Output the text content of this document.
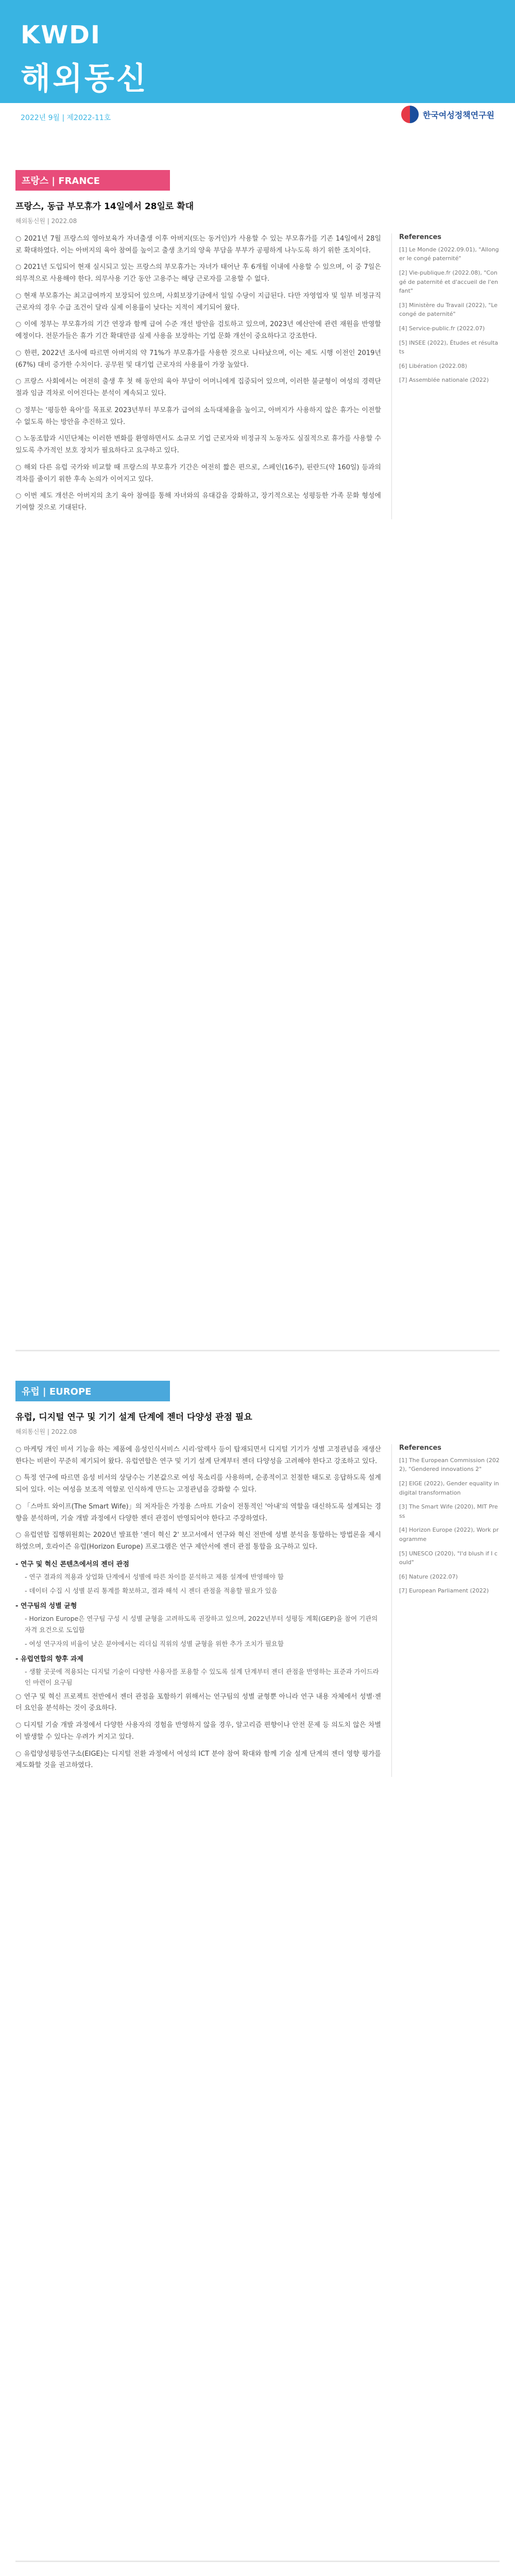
KWDI
해외동신
2022년 9월 | 제2022-11호	한국여성정책연구원
프랑스 | FRANCE
프랑스, 동급 부모휴가 14일에서 28일로 확대
해외동신원 | 2022.08

○ 2021년 7월 프랑스의 영아보육가 자녀출생 이후 아버지(또는 동거인)가 사용할 수 있는 부모휴가를 기존 14일에서 28일로 확대하였다. 이는 아버지의 육아 참여를 높이고 출생 초기의 양육 부담을 부부가 공평하게 나누도록 하기 위한 조치이다.

○ 2021년 도입되어 현재 실시되고 있는 프랑스의 부모휴가는 자녀가 태어난 후 6개월 이내에 사용할 수 있으며, 이 중 7일은 의무적으로 사용해야 한다. 의무사용 기간 동안 고용주는 해당 근로자를 고용할 수 없다.

○ 현재 부모휴가는 최고급여까지 보장되어 있으며, 사회보장기금에서 일일 수당이 지급된다. 다만 자영업자 및 일부 비정규직 근로자의 경우 수급 조건이 달라 실제 이용률이 낮다는 지적이 제기되어 왔다.

○ 이에 정부는 부모휴가의 기간 연장과 함께 급여 수준 개선 방안을 검토하고 있으며, 2023년 예산안에 관련 재원을 반영할 예정이다. 전문가들은 휴가 기간 확대만큼 실제 사용을 보장하는 기업 문화 개선이 중요하다고 강조한다.

○ 한편, 2022년 조사에 따르면 아버지의 약 71%가 부모휴가를 사용한 것으로 나타났으며, 이는 제도 시행 이전인 2019년(67%) 대비 증가한 수치이다. 공무원 및 대기업 근로자의 사용률이 가장 높았다.

○ 프랑스 사회에서는 여전히 출생 후 첫 해 동안의 육아 부담이 어머니에게 집중되어 있으며, 이러한 불균형이 여성의 경력단절과 임금 격차로 이어진다는 분석이 계속되고 있다.

○ 정부는 '평등한 육아'를 목표로 2023년부터 부모휴가 급여의 소득대체율을 높이고, 아버지가 사용하지 않은 휴가는 이전할 수 없도록 하는 방안을 추진하고 있다.

○ 노동조합과 시민단체는 이러한 변화를 환영하면서도 소규모 기업 근로자와 비정규직 노동자도 실질적으로 휴가를 사용할 수 있도록 추가적인 보호 장치가 필요하다고 요구하고 있다.

○ 해외 다른 유럽 국가와 비교할 때 프랑스의 부모휴가 기간은 여전히 짧은 편으로, 스페인(16주), 핀란드(약 160일) 등과의 격차를 줄이기 위한 후속 논의가 이어지고 있다.

○ 이번 제도 개선은 아버지의 초기 육아 참여를 통해 자녀와의 유대감을 강화하고, 장기적으로는 성평등한 가족 문화 형성에 기여할 것으로 기대된다.

References
[1] Le Monde (2022.09.01), "Allonger le congé paternité"
[2] Vie-publique.fr (2022.08), "Congé de paternité et d'accueil de l'enfant"
[3] Ministère du Travail (2022), "Le congé de paternité"
[4] Service-public.fr (2022.07)
[5] INSEE (2022), Études et résultats
[6] Libération (2022.08)
[7] Assemblée nationale (2022)
유럽 | EUROPE
유럽, 디지털 연구 및 기기 설계 단계에 젠더 다양성 관점 필요
해외통신원 | 2022.08

○ 마케팅 개인 비서 기능을 하는 제품에 음성인식서비스 시리·알렉사 등이 탑재되면서 디지털 기기가 성별 고정관념을 재생산한다는 비판이 꾸준히 제기되어 왔다. 유럽연합은 연구 및 기기 설계 단계부터 젠더 다양성을 고려해야 한다고 강조하고 있다.

○ 특정 연구에 따르면 음성 비서의 상당수는 기본값으로 여성 목소리를 사용하며, 순종적이고 친절한 태도로 응답하도록 설계되어 있다. 이는 여성을 보조적 역할로 인식하게 만드는 고정관념을 강화할 수 있다.

○ 「스마트 와이프(The Smart Wife)」의 저자들은 가정용 스마트 기술이 전통적인 '아내'의 역할을 대신하도록 설계되는 경향을 분석하며, 기술 개발 과정에서 다양한 젠더 관점이 반영되어야 한다고 주장하였다.

○ 유럽연합 집행위원회는 2020년 발표한 '젠더 혁신 2' 보고서에서 연구와 혁신 전반에 성별 분석을 통합하는 방법론을 제시하였으며, 호라이즌 유럽(Horizon Europe) 프로그램은 연구 제안서에 젠더 관점 통합을 요구하고 있다.

- 연구 및 혁신 콘텐츠에서의 젠더 관점
- 연구 결과의 적용과 상업화 단계에서 성별에 따른 차이를 분석하고 제품 설계에 반영해야 함
- 데이터 수집 시 성별 분리 통계를 확보하고, 결과 해석 시 젠더 관점을 적용할 필요가 있음
- 연구팀의 성별 균형
- Horizon Europe은 연구팀 구성 시 성별 균형을 고려하도록 권장하고 있으며, 2022년부터 성평등 계획(GEP)을 참여 기관의 자격 요건으로 도입함
- 여성 연구자의 비율이 낮은 분야에서는 리더십 직위의 성별 균형을 위한 추가 조치가 필요함
- 유럽연합의 향후 과제
- 생활 곳곳에 적용되는 디지털 기술이 다양한 사용자를 포용할 수 있도록 설계 단계부터 젠더 관점을 반영하는 표준과 가이드라인 마련이 요구됨

○ 연구 및 혁신 프로젝트 전반에서 젠더 관점을 포함하기 위해서는 연구팀의 성별 균형뿐 아니라 연구 내용 자체에서 성별·젠더 요인을 분석하는 것이 중요하다.

○ 디지털 기술 개발 과정에서 다양한 사용자의 경험을 반영하지 않을 경우, 알고리즘 편향이나 안전 문제 등 의도치 않은 차별이 발생할 수 있다는 우려가 커지고 있다.

○ 유럽양성평등연구소(EIGE)는 디지털 전환 과정에서 여성의 ICT 분야 참여 확대와 함께 기술 설계 단계의 젠더 영향 평가를 제도화할 것을 권고하였다.

References
[1] The European Commission (2022), "Gendered innovations 2"
[2] EIGE (2022), Gender equality in digital transformation
[3] The Smart Wife (2020), MIT Press
[4] Horizon Europe (2022), Work programme
[5] UNESCO (2020), "I'd blush if I could"
[6] Nature (2022.07)
[7] European Parliament (2022)
